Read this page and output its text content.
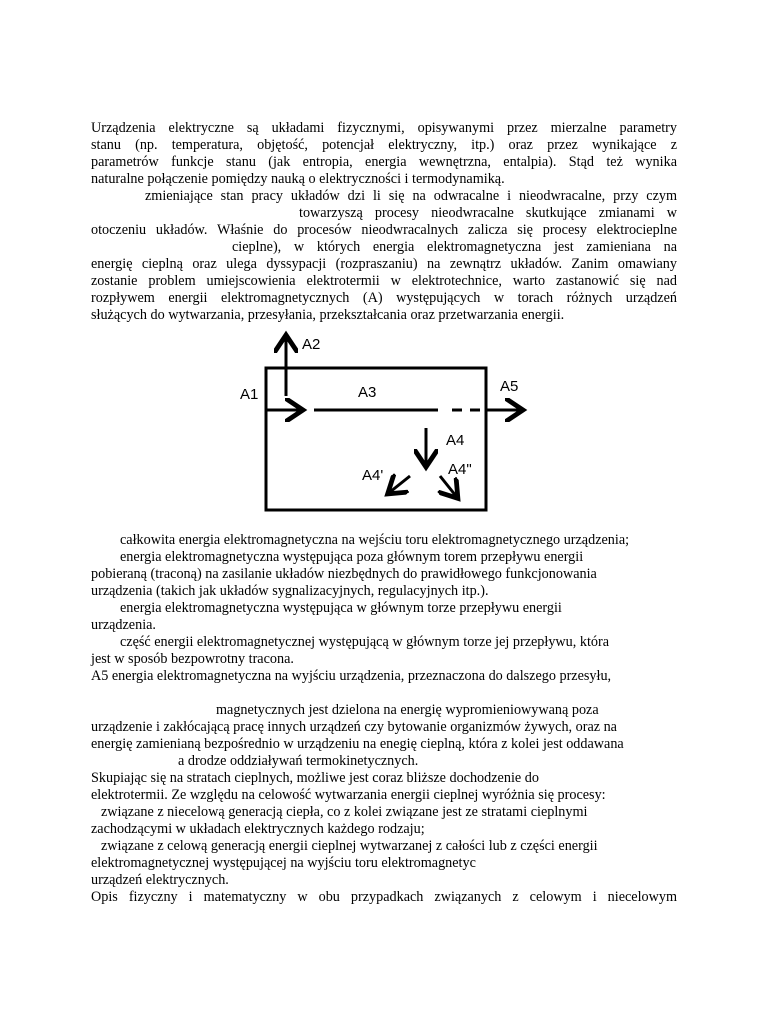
Urządzenia elektryczne są układami fizycznymi, opisywanymi przez mierzalne parametry
stanu (np. temperatura, objętość, potencjał elektryczny, itp.) oraz przez wynikające z
parametrów funkcje stanu (jak entropia, energia wewnętrzna, entalpia). Stąd też wynika
naturalne połączenie pomiędzy nauką o elektryczności i termodynamiką.
zmieniające stan pracy układów dzi li się na odwracalne i nieodwracalne, przy czym
towarzyszą procesy nieodwracalne skutkujące zmianami w
otoczeniu układów. Właśnie do procesów nieodwracalnych zalicza się procesy elektrocieplne
cieplne), w których energia elektromagnetyczna jest zamieniana na
energię cieplną oraz ulega dyssypacji (rozpraszaniu) na zewnątrz układów. Zanim omawiany
zostanie problem umiejscowienia elektrotermii w elektrotechnice, warto zastanowić się nad
rozpływem energii elektromagnetycznych (A) występujących w torach różnych urządzeń
służących do wytwarzania, przesyłania, przekształcania oraz przetwarzania energii.
A1
A2
A3	A5
A4
A4'	A4"
całkowita energia elektromagnetyczna na wejściu toru elektromagnetycznego urządzenia;
energia elektromagnetyczna występująca poza głównym torem przepływu energii
pobieraną (traconą) na zasilanie układów niezbędnych do prawidłowego funkcjonowania
urządzenia (takich jak układów sygnalizacyjnych, regulacyjnych itp.).
energia elektromagnetyczna występująca w głównym torze przepływu energii
urządzenia.
część energii elektromagnetycznej występującą w głównym torze jej przepływu, która
jest w sposób bezpowrotny tracona.
A5 energia elektromagnetyczna na wyjściu urządzenia, przeznaczona do dalszego przesyłu,
magnetycznych jest dzielona na energię wypromieniowywaną poza
urządzenie i zakłócającą pracę innych urządzeń czy bytowanie organizmów żywych, oraz na
energię zamienianą bezpośrednio w urządzeniu na enegię cieplną, która z kolei jest oddawana
a drodze oddziaływań termokinetycznych.
Skupiając się na stratach cieplnych, możliwe jest coraz bliższe dochodzenie do
elektrotermii. Ze względu na celowość wytwarzania energii cieplnej wyróżnia się procesy:
związane z niecelową generacją ciepła, co z kolei związane jest ze stratami cieplnymi
zachodzącymi w układach elektrycznych każdego rodzaju;
związane z celową generacją energii cieplnej wytwarzanej z całości lub z części energii
elektromagnetycznej występującej na wyjściu toru elektromagnetyc
urządzeń elektrycznych.
Opis fizyczny i matematyczny w obu przypadkach związanych z celowym i niecelowym
